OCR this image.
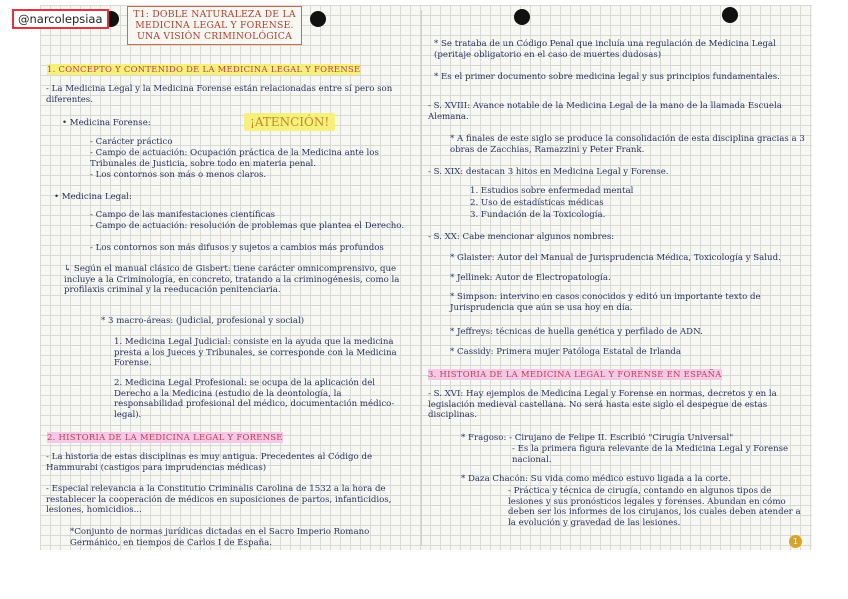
@narcolepsiaa	T1: DOBLE NATURALEZA DE LA MEDICINA LEGAL Y FORENSE. UNA VISIÓN CRIMINOLÓGICA
1. CONCEPTO Y CONTENIDO DE LA MEDICINA LEGAL Y FORENSE
- La Medicina Legal y la Medicina Forense están relacionadas entre sí pero son diferentes.
• Medicina Forense:	¡ATENCIÓN!
- Carácter práctico
- Campo de actuación: Ocupación práctica de la Medicina ante los Tribunales de Justicia, sobre todo en materia penal.
- Los contornos son más o menos claros.
• Medicina Legal:
- Campo de las manifestaciones científicas
- Campo de actuación: resolución de problemas que plantea el Derecho.
- Los contornos son más difusos y sujetos a cambios más profundos
↳ Según el manual clásico de Gisbert: tiene carácter omnicomprensivo, que incluye a la Criminología, en concreto, tratando a la criminogénesis, como la profilaxis criminal y la reeducación penitenciaria.
* 3 macro-áreas: (judicial, profesional y social)
1. Medicina Legal Judicial: consiste en la ayuda que la medicina presta a los Jueces y Tribunales, se corresponde con la Medicina Forense.
2. Medicina Legal Profesional: se ocupa de la aplicación del Derecho a la Medicina (estudio de la deontología, la responsabilidad profesional del médico, documentación médico-legal).
2. HISTORIA DE LA MEDICINA LEGAL Y FORENSE
- La historia de estas disciplinas es muy antigua. Precedentes al Código de Hammurabi (castigos para imprudencias médicas)
- Especial relevancia a la Constitutio Criminalis Carolina de 1532 a la hora de restablecer la cooperación de médicos en suposiciones de partos, infanticidios, lesiones, homicidios...
*Conjunto de normas jurídicas dictadas en el Sacro Imperio Romano Germánico, en tiempos de Carlos I de España.
* Se trataba de un Código Penal que incluía una regulación de Medicina Legal (peritaje obligatorio en el caso de muertes dudosas)
* Es el primer documento sobre medicina legal y sus principios fundamentales.
- S. XVIII: Avance notable de la Medicina Legal de la mano de la llamada Escuela Alemana.
* A finales de este siglo se produce la consolidación de esta disciplina gracias a 3 obras de Zacchias, Ramazzini y Peter Frank.
- S. XIX: destacan 3 hitos en Medicina Legal y Forense.
1. Estudios sobre enfermedad mental
2. Uso de estadísticas médicas
3. Fundación de la Toxicología.
- S. XX: Cabe mencionar algunos nombres:
* Glaister: Autor del Manual de Jurisprudencia Médica, Toxicología y Salud.
* Jellinek: Autor de Electropatología.
* Simpson: intervino en casos conocidos y editó un importante texto de Jurisprudencia que aún se usa hoy en día.
* Jeffreys: técnicas de huella genética y perfilado de ADN.
* Cassidy: Primera mujer Patóloga Estatal de Irlanda
3. HISTORIA DE LA MEDICINA LEGAL Y FORENSE EN ESPAÑA
- S. XVI: Hay ejemplos de Medicina Legal y Forense en normas, decretos y en la legislación medieval castellana. No será hasta este siglo el despegue de estas disciplinas.
* Fragoso: - Cirujano de Felipe II. Escribió "Cirugía Universal"
- Es la primera figura relevante de la Medicina Legal y Forense nacional.
* Daza Chacón: Su vida como médico estuvo ligada a la corte.
- Práctica y técnica de cirugía, contando en algunos tipos de lesiones y sus pronósticos legales y forenses. Abundan en cómo deben ser los informes de los cirujanos, los cuales deben atender a la evolución y gravedad de las lesiones.
1
